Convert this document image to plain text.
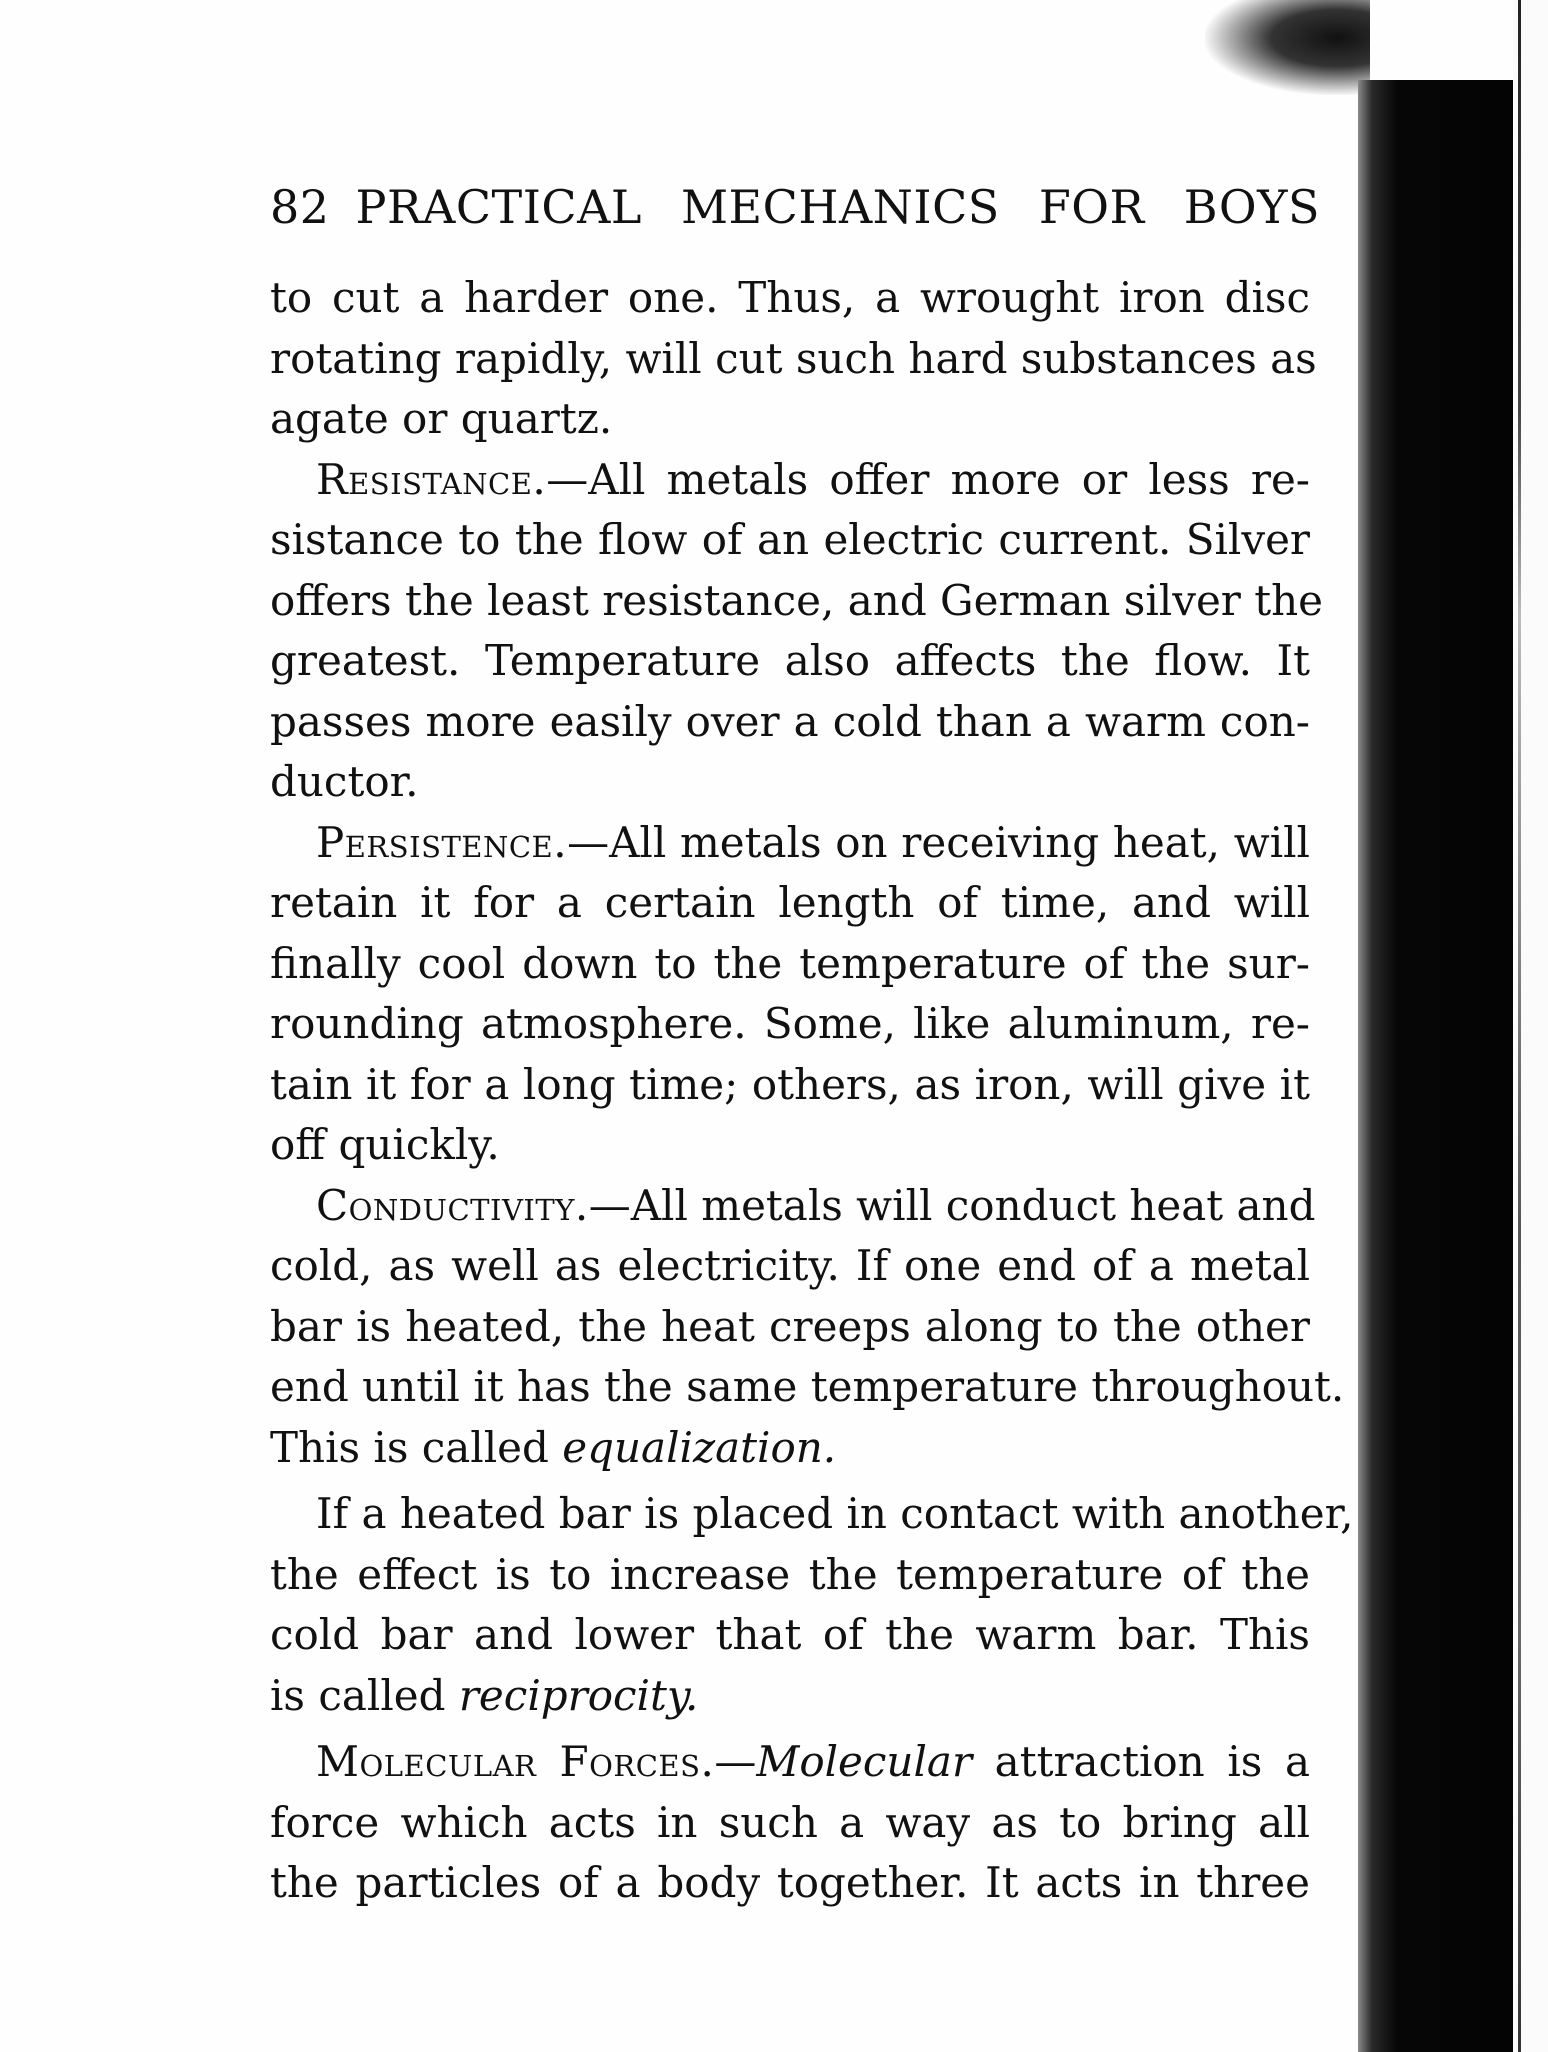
82 PRACTICAL MECHANICS FOR BOYS
to cut a harder one. Thus, a wrought iron disc
rotating rapidly, will cut such hard substances as
agate or quartz.
Resistance.—All metals offer more or less re-
sistance to the flow of an electric current. Silver
offers the least resistance, and German silver the
greatest. Temperature also affects the flow. It
passes more easily over a cold than a warm con-
ductor.
Persistence.—All metals on receiving heat, will
retain it for a certain length of time, and will
finally cool down to the temperature of the sur-
rounding atmosphere. Some, like aluminum, re-
tain it for a long time; others, as iron, will give it
off quickly.
Conductivity.—All metals will conduct heat and
cold, as well as electricity. If one end of a metal
bar is heated, the heat creeps along to the other
end until it has the same temperature throughout.
This is called equalization.
If a heated bar is placed in contact with another,
the effect is to increase the temperature of the
cold bar and lower that of the warm bar. This
is called reciprocity.
Molecular Forces.—Molecular attraction is a
force which acts in such a way as to bring all
the particles of a body together. It acts in three
